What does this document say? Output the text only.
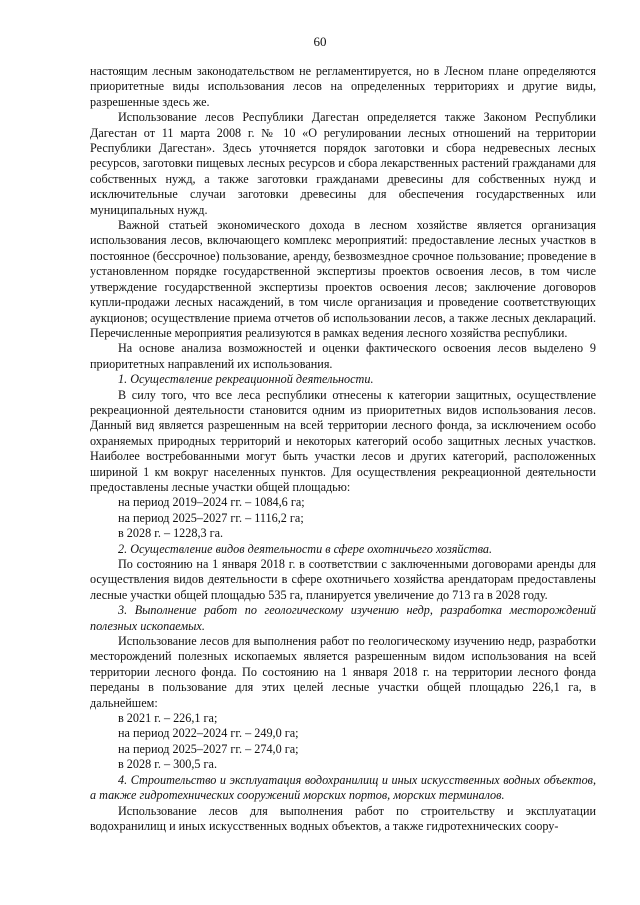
60

настоящим лесным законодательством не регламентируется, но в Лесном плане определяются приоритетные виды использования лесов на определенных территориях и другие виды, разрешенные здесь же.

Использование лесов Республики Дагестан определяется также Законом Республики Дагестан от 11 марта 2008 г. № 10 «О регулировании лесных отношений на территории Республики Дагестан». Здесь уточняется порядок заготовки и сбора недревесных лесных ресурсов, заготовки пищевых лесных ресурсов и сбора лекарственных растений гражданами для собственных нужд, а также заготовки гражданами древесины для собственных нужд и исключительные случаи заготовки древесины для обеспечения государственных или муниципальных нужд.

Важной статьей экономического дохода в лесном хозяйстве является организация использования лесов, включающего комплекс мероприятий: предоставление лесных участков в постоянное (бессрочное) пользование, аренду, безвозмездное срочное пользование; проведение в установленном порядке государственной экспертизы проектов освоения лесов, в том числе утверждение государственной экспертизы проектов освоения лесов; заключение договоров купли-продажи лесных насаждений, в том числе организация и проведение соответствующих аукционов; осуществление приема отчетов об использовании лесов, а также лесных деклараций. Перечисленные мероприятия реализуются в рамках ведения лесного хозяйства республики.

На основе анализа возможностей и оценки фактического освоения лесов выделено 9 приоритетных направлений их использования.

1. Осуществление рекреационной деятельности.

В силу того, что все леса республики отнесены к категории защитных, осуществление рекреационной деятельности становится одним из приоритетных видов использования лесов. Данный вид является разрешенным на всей территории лесного фонда, за исключением особо охраняемых природных территорий и некоторых категорий особо защитных лесных участков. Наиболее востребованными могут быть участки лесов и других категорий, расположенных шириной 1 км вокруг населенных пунктов. Для осуществления рекреационной деятельности предоставлены лесные участки общей площадью:

на период 2019–2024 гг. – 1084,6 га;

на период 2025–2027 гг. – 1116,2 га;

в 2028 г. – 1228,3 га.

2. Осуществление видов деятельности в сфере охотничьего хозяйства.

По состоянию на 1 января 2018 г. в соответствии с заключенными договорами аренды для осуществления видов деятельности в сфере охотничьего хозяйства арендаторам предоставлены лесные участки общей площадью 535 га, планируется увеличение до 713 га в 2028 году.

3. Выполнение работ по геологическому изучению недр, разработка месторождений полезных ископаемых.

Использование лесов для выполнения работ по геологическому изучению недр, разработки месторождений полезных ископаемых является разрешенным видом использования на всей территории лесного фонда. По состоянию на 1 января 2018 г. на территории лесного фонда переданы в пользование для этих целей лесные участки общей площадью 226,1 га, в дальнейшем:

в 2021 г. – 226,1 га;

на период 2022–2024 гг. – 249,0 га;

на период 2025–2027 гг. – 274,0 га;

в 2028 г. – 300,5 га.

4. Строительство и эксплуатация водохранилищ и иных искусственных водных объектов, а также гидротехнических сооружений морских портов, морских терминалов.

Использование лесов для выполнения работ по строительству и эксплуатации водохранилищ и иных искусственных водных объектов, а также гидротехнических соору-
